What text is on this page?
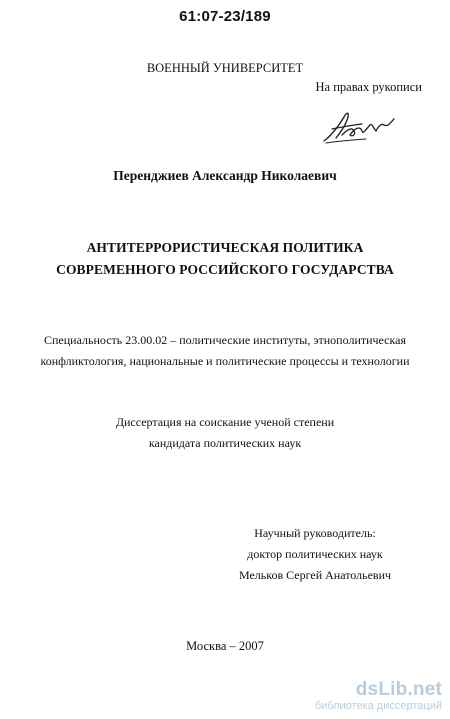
61:07-23/189
ВОЕННЫЙ УНИВЕРСИТЕТ
На правах рукописи
Перенджиев Александр Николаевич
АНТИТЕРРОРИСТИЧЕСКАЯ ПОЛИТИКА
СОВРЕМЕННОГО РОССИЙСКОГО ГОСУДАРСТВА
Специальность 23.00.02 – политические институты, этнополитическая
конфликтология, национальные и политические процессы и технологии
Диссертация на соискание ученой степени
кандидата политических наук
Научный руководитель:
доктор политических наук
Мельков Сергей Анатольевич
Москва – 2007
dsLib.net
библиотека диссертаций
